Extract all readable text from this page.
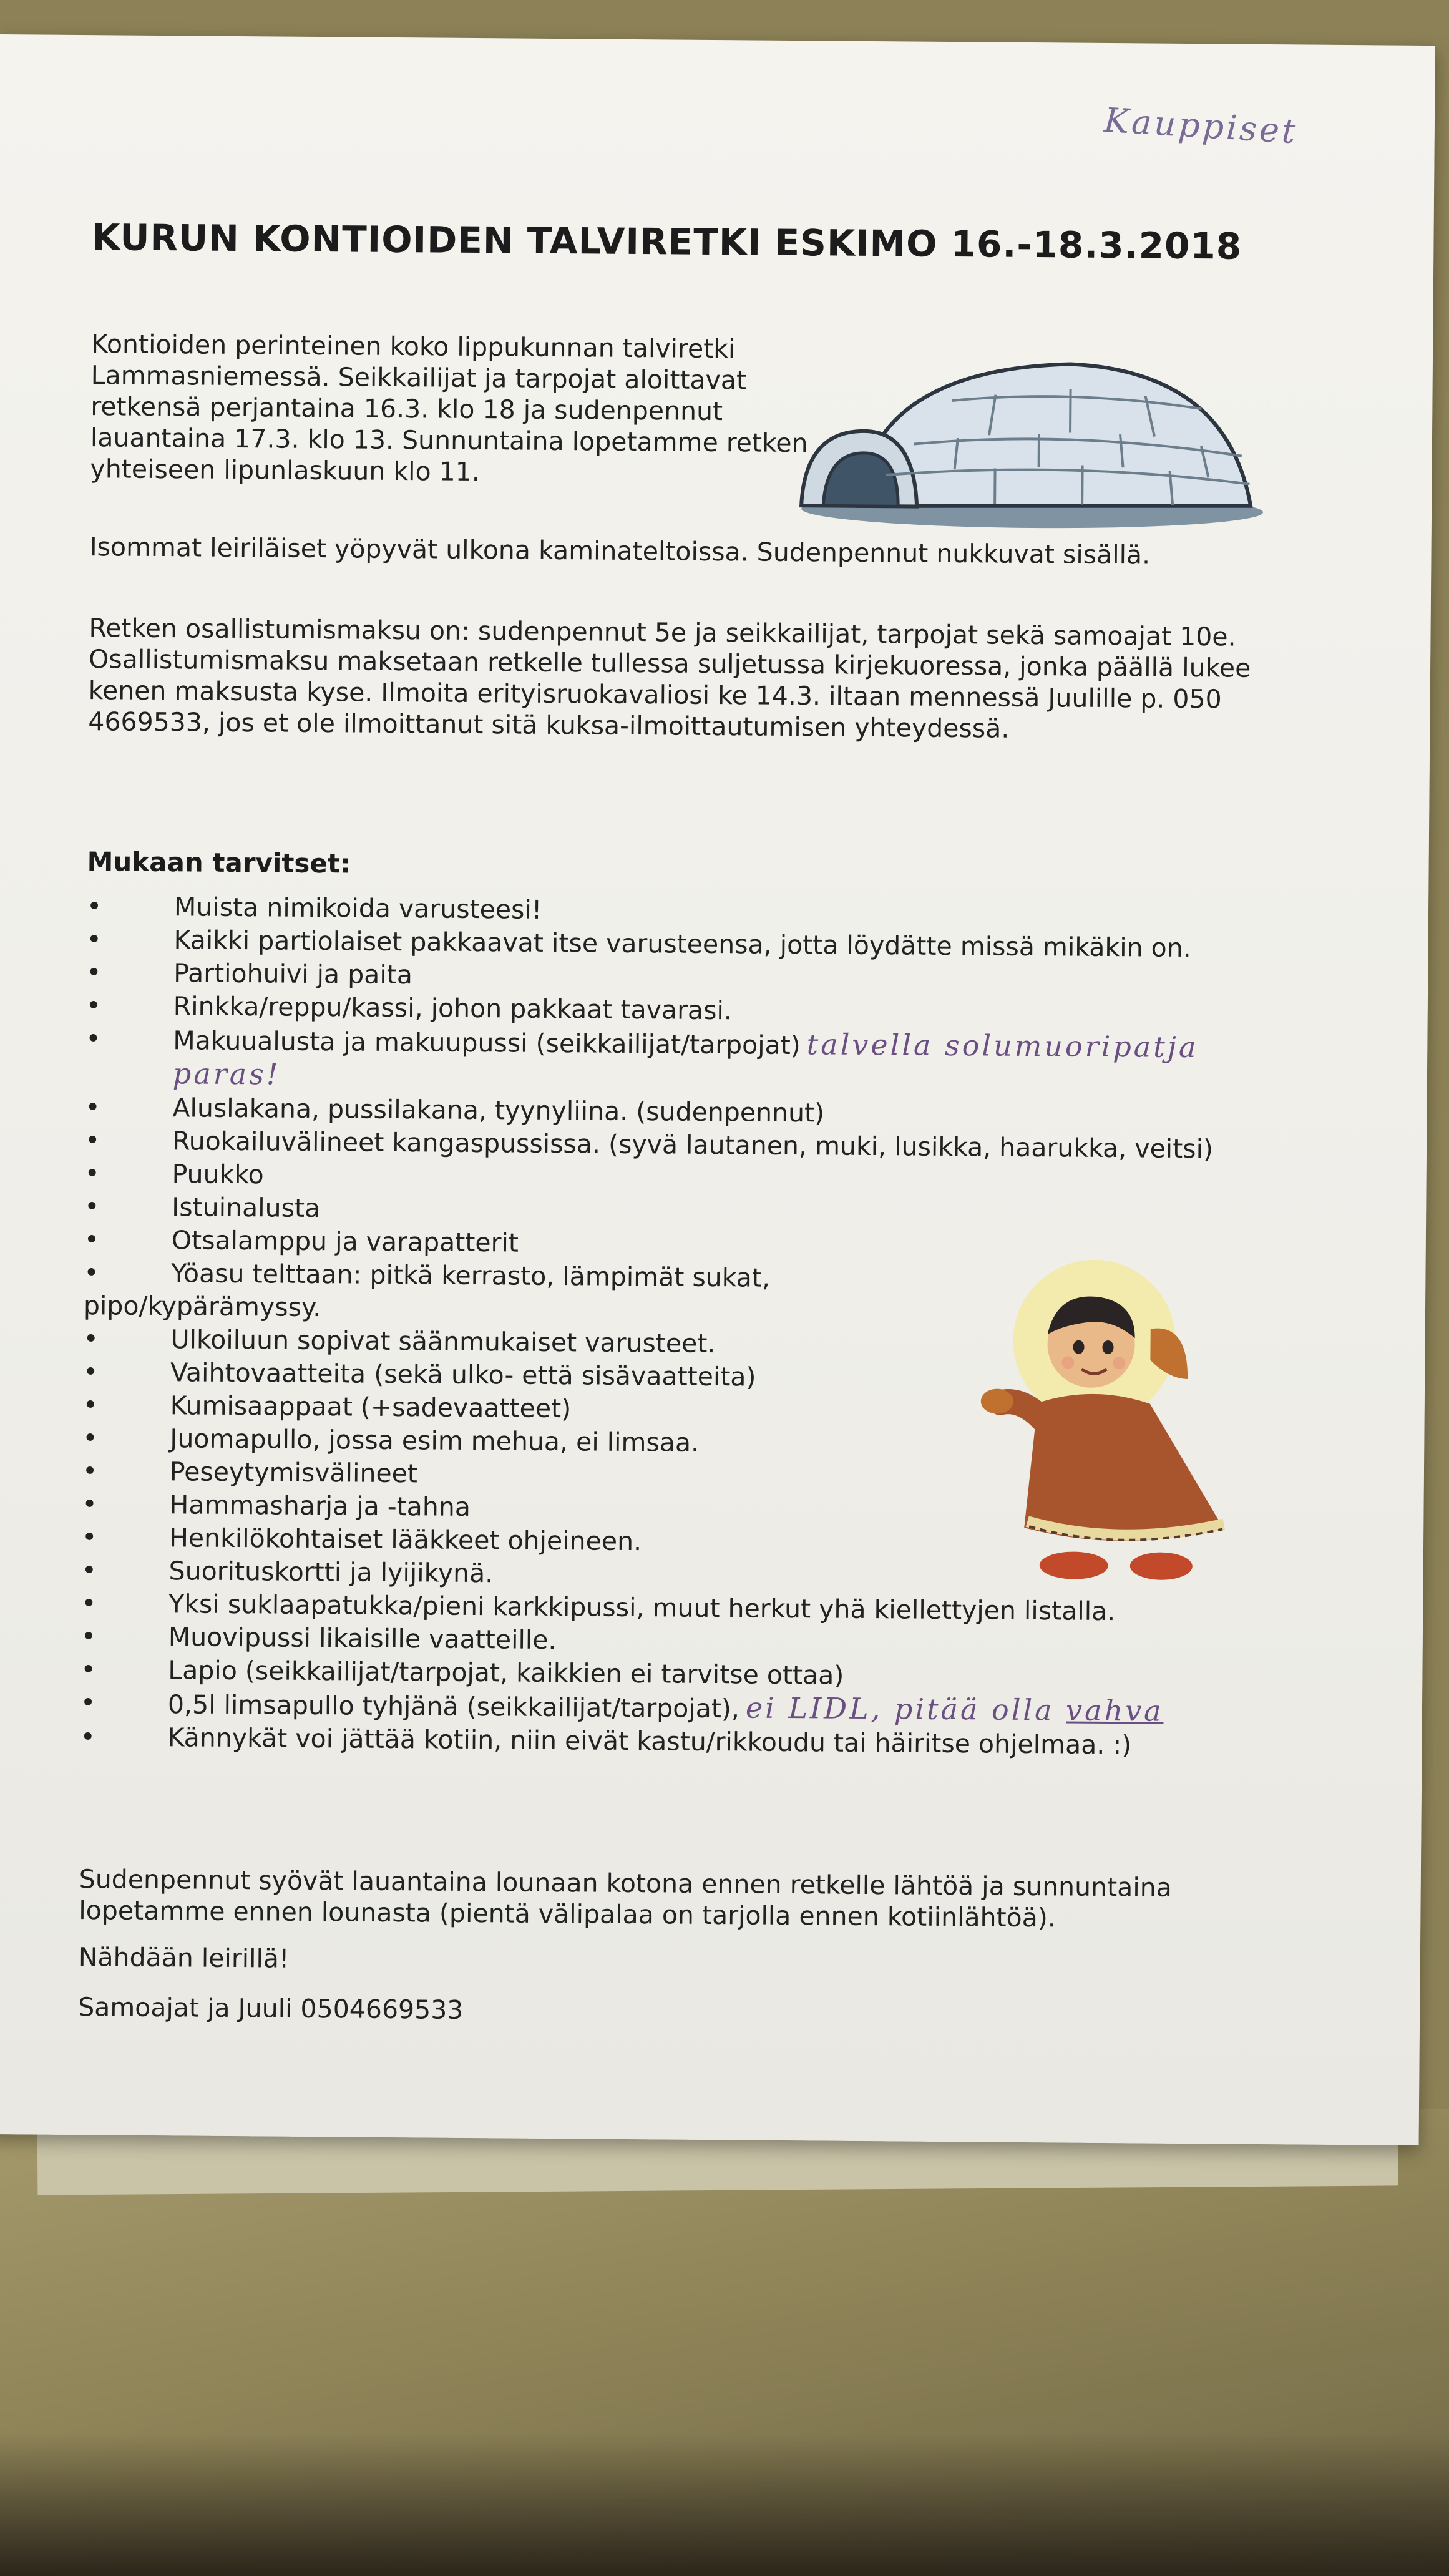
Kauppiset
KURUN KONTIOIDEN TALVIRETKI ESKIMO 16.-18.3.2018

Kontioiden perinteinen koko lippukunnan talviretki Lammasniemessä. Seikkailijat ja tarpojat aloittavat retkensä perjantaina 16.3. klo 18 ja sudenpennut lauantaina 17.3. klo 13. Sunnuntaina lopetamme retken yhteiseen lipunlaskuun klo 11.

Isommat leiriläiset yöpyvät ulkona kaminateltoissa. Sudenpennut nukkuvat sisällä.

Retken osallistumismaksu on: sudenpennut 5e ja seikkailijat, tarpojat sekä samoajat 10e. Osallistumismaksu maksetaan retkelle tullessa suljetussa kirjekuoressa, jonka päällä lukee kenen maksusta kyse. Ilmoita erityisruokavaliosi ke 14.3. iltaan mennessä Juulille p. 050 4669533, jos et ole ilmoittanut sitä kuksa-ilmoittautumisen yhteydessä.

Mukaan tarvitset:
•	Muista nimikoida varusteesi!
•	Kaikki partiolaiset pakkaavat itse varusteensa, jotta löydätte missä mikäkin on.
•	Partiohuivi ja paita
•	Rinkka/reppu/kassi, johon pakkaat tavarasi.
•	Makuualusta ja makuupussi (seikkailijat/tarpojat) talvella solumuoripatja paras!
•	Aluslakana, pussilakana, tyynyliina. (sudenpennut)
•	Ruokailuvälineet kangaspussissa. (syvä lautanen, muki, lusikka, haarukka, veitsi)
•	Puukko
•	Istuinalusta
•	Otsalamppu ja varapatterit
•	Yöasu telttaan: pitkä kerrasto, lämpimät sukat, pipo/kypärämyssy.
•	Ulkoiluun sopivat säänmukaiset varusteet.
•	Vaihtovaatteita (sekä ulko- että sisävaatteita)
•	Kumisaappaat (+sadevaatteet)
•	Juomapullo, jossa esim mehua, ei limsaa.
•	Peseytymisvälineet
•	Hammasharja ja -tahna
•	Henkilökohtaiset lääkkeet ohjeineen.
•	Suorituskortti ja lyijikynä.
•	Yksi suklaapatukka/pieni karkkipussi, muut herkut yhä kiellettyjen listalla.
•	Muovipussi likaisille vaatteille.
•	Lapio (seikkailijat/tarpojat, kaikkien ei tarvitse ottaa)
•	0,5l limsapullo tyhjänä (seikkailijat/tarpojat), ei LIDL, pitää olla vahva
•	Kännykät voi jättää kotiin, niin eivät kastu/rikkoudu tai häiritse ohjelmaa. :)

Sudenpennut syövät lauantaina lounaan kotona ennen retkelle lähtöä ja sunnuntaina lopetamme ennen lounasta (pientä välipalaa on tarjolla ennen kotiinlähtöä).

Nähdään leirillä!

Samoajat ja Juuli 0504669533
